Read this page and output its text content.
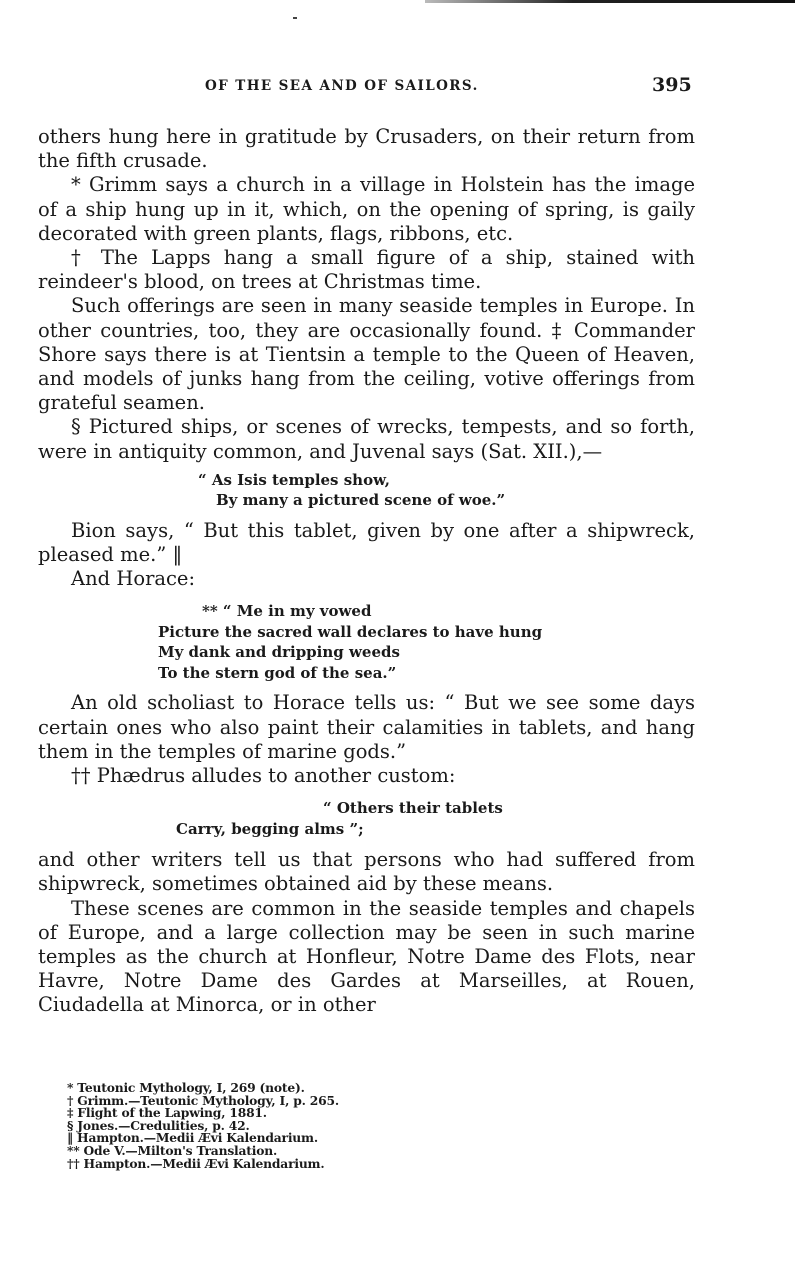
OF THE SEA AND OF SAILORS.	395

others hung here in gratitude by Crusaders, on their return from the fifth crusade.

* Grimm says a church in a village in Holstein has the image of a ship hung up in it, which, on the opening of spring, is gaily decorated with green plants, flags, ribbons, etc.

† The Lapps hang a small figure of a ship, stained with reindeer's blood, on trees at Christmas time.

Such offerings are seen in many seaside temples in Europe. In other countries, too, they are occasionally found. ‡ Commander Shore says there is at Tientsin a temple to the Queen of Heaven, and models of junks hang from the ceiling, votive offerings from grateful seamen.

§ Pictured ships, or scenes of wrecks, tempests, and so forth, were in antiquity common, and Juvenal says (Sat. XII.),—

“ As Isis temples show,
By many a pictured scene of woe.”

Bion says, “ But this tablet, given by one after a shipwreck, pleased me.” ‖

And Horace:

** “ Me in my vowed
Picture the sacred wall declares to have hung
My dank and dripping weeds
To the stern god of the sea.”

An old scholiast to Horace tells us: “ But we see some days certain ones who also paint their calamities in tablets, and hang them in the temples of marine gods.”

†† Phædrus alludes to another custom:

“ Others their tablets
Carry, begging alms ”;

and other writers tell us that persons who had suffered from shipwreck, sometimes obtained aid by these means.

These scenes are common in the seaside temples and chapels of Europe, and a large collection may be seen in such marine temples as the church at Honfleur, Notre Dame des Flots, near Havre, Notre Dame des Gardes at Marseilles, at Rouen, Ciudadella at Minorca, or in other

* Teutonic Mythology, I, 269 (note).
† Grimm.—Teutonic Mythology, I, p. 265.
‡ Flight of the Lapwing, 1881.
§ Jones.—Credulities, p. 42.
‖ Hampton.—Medii Ævi Kalendarium.
** Ode V.—Milton's Translation.
†† Hampton.—Medii Ævi Kalendarium.
